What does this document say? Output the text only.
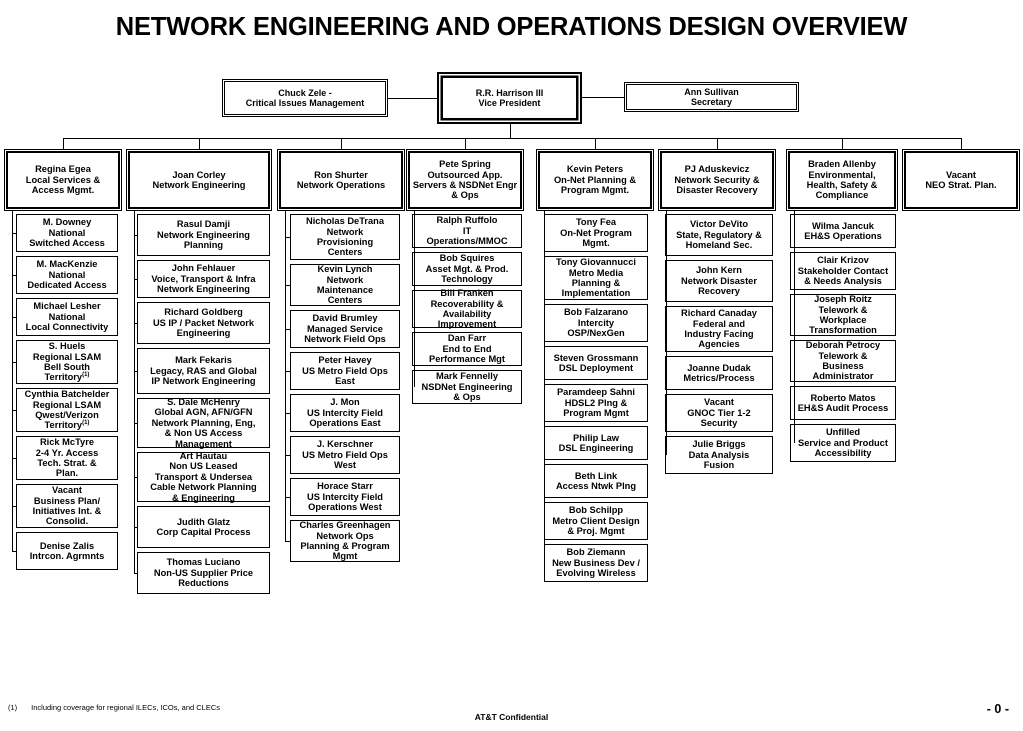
NETWORK ENGINEERING AND OPERATIONS DESIGN OVERVIEW
Chuck Zele -
Critical Issues Management
R.R. Harrison III
Vice President
Ann Sullivan
Secretary
Regina Egea
Local Services &
Access Mgmt.
M. Downey
National
Switched Access
M. MacKenzie
National
Dedicated Access
Michael Lesher
National
Local Connectivity
S. Huels
Regional LSAM
Bell South
Territory$^{(1)}$
Cynthia Batchelder
Regional LSAM
Qwest/Verizon
Territory$^{(1)}$
Rick McTyre
2-4 Yr. Access
Tech. Strat. &
Plan.
Vacant
Business Plan/
Initiatives Int. &
Consolid.
Denise Zalis
Intrcon. Agrmnts
Joan Corley
Network Engineering
Rasul Damji
Network Engineering
Planning
John Fehlauer
Voice, Transport & Infra
Network Engineering
Richard Goldberg
US IP / Packet Network
Engineering
Mark Fekaris
Legacy, RAS and Global
IP Network Engineering
S. Dale McHenry
Global AGN, AFN/GFN
Network Planning, Eng,
& Non US Access
Management
Art Hautau
Non US Leased
Transport & Undersea
Cable Network Planning
& Engineering
Judith Glatz
Corp Capital Process
Thomas Luciano
Non-US Supplier Price
Reductions
Ron Shurter
Network Operations
Nicholas DeTrana
Network
Provisioning
Centers
Kevin Lynch
Network
Maintenance
Centers
David Brumley
Managed Service
Network Field Ops
Peter Havey
US Metro Field Ops
East
J. Mon
US Intercity Field
Operations East
J. Kerschner
US Metro Field Ops
West
Horace Starr
US Intercity Field
Operations West
Charles Greenhagen
Network Ops
Planning & Program
Mgmt
Pete Spring
Outsourced App.
Servers & NSDNet Engr
& Ops
Ralph Ruffolo
IT
Operations/MMOC
Bob Squires
Asset Mgt. & Prod.
Technology
Bill Franken
Recoverability &
Availability
Improvement
Dan Farr
End to End
Performance Mgt
Mark Fennelly
NSDNet Engineering
& Ops
Kevin Peters
On-Net Planning &
Program Mgmt.
Tony Fea
On-Net Program
Mgmt.
Tony Giovannucci
Metro Media
Planning &
Implementation
Bob Falzarano
Intercity
OSP/NexGen
Steven Grossmann
DSL Deployment
Paramdeep Sahni
HDSL2 Plng &
Program Mgmt
Philip Law
DSL Engineering
Beth Link
Access Ntwk Plng
Bob Schilpp
Metro Client Design
& Proj. Mgmt
Bob Ziemann
New Business Dev /
Evolving Wireless
PJ Aduskevicz
Network Security &
Disaster Recovery
Victor DeVito
State, Regulatory &
Homeland Sec.
John Kern
Network Disaster
Recovery
Richard Canaday
Federal and
Industry Facing
Agencies
Joanne Dudak
Metrics/Process
Vacant
GNOC Tier 1-2
Security
Julie Briggs
Data Analysis
Fusion
Braden Allenby
Environmental,
Health, Safety &
Compliance
Wilma Jancuk
EH&S Operations
Clair Krizov
Stakeholder Contact
& Needs Analysis
Joseph Roitz
Telework &
Workplace
Transformation
Deborah Petrocy
Telework &
Business
Administrator
Roberto Matos
EH&S Audit Process
Unfilled
Service and Product
Accessibility
Vacant
NEO Strat. Plan.
(1) Including coverage for regional ILECs, ICOs, and CLECs
AT&T Confidential
- 0 -
